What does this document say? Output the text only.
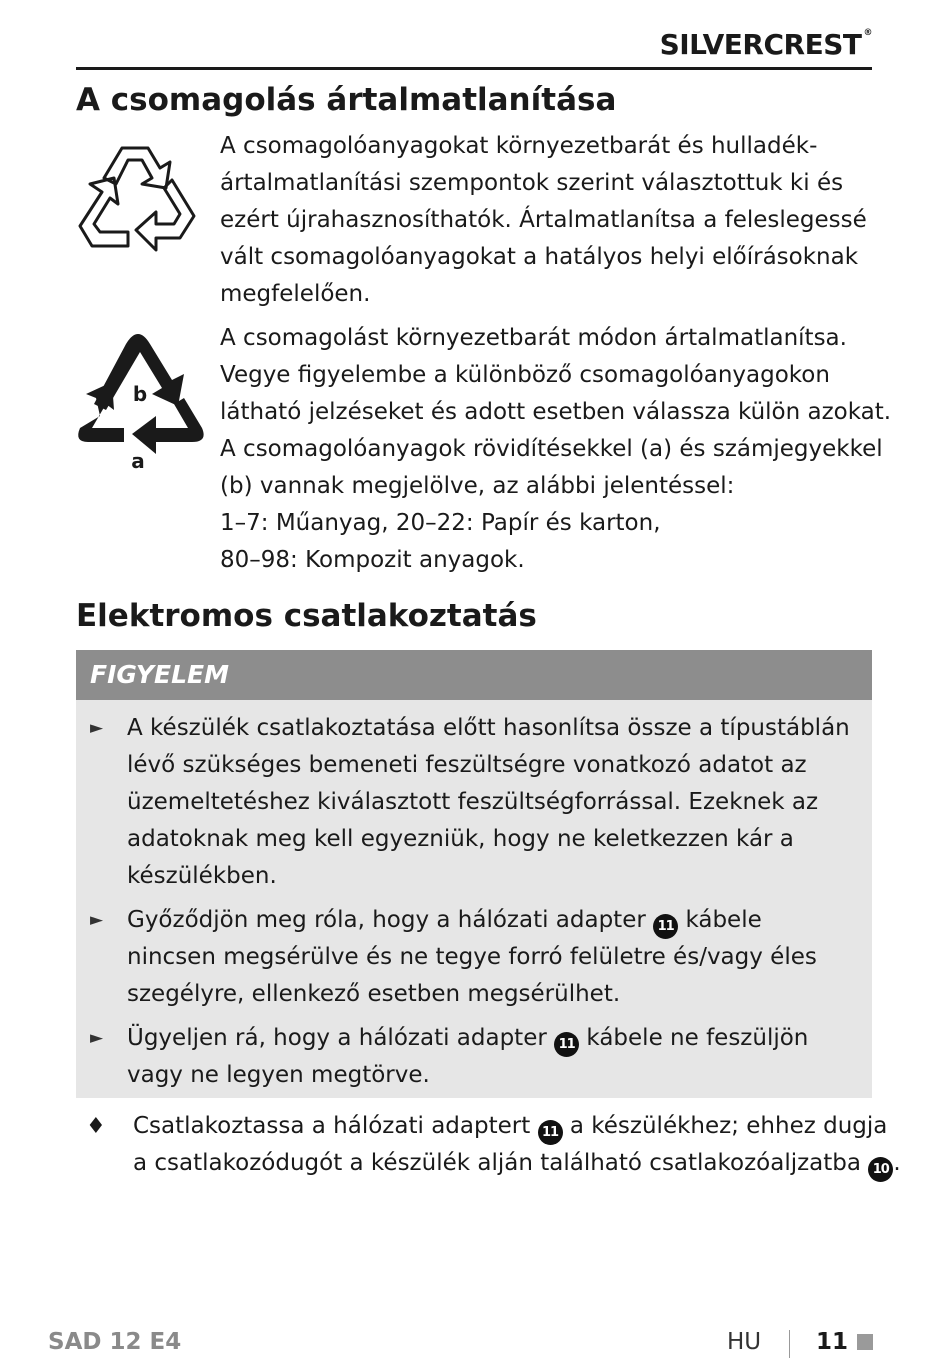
SILVERCREST ®
A csomagolás ártalmatlanítása
A csomagolóanyagokat környezetbarát és hulladék-
ártalmatlanítási szempontok szerint választottuk ki és
ezért újrahasznosíthatók. Ártalmatlanítsa a feleslegessé
vált csomagolóanyagokat a hatályos helyi előírásoknak
megfelelően.
b
a
A csomagolást környezetbarát módon ártalmatlanítsa.
Vegye figyelembe a különböző csomagolóanyagokon
látható jelzéseket és adott esetben válassza külön azokat.
A csomagolóanyagok rövidítésekkel (a) és számjegyekkel
(b) vannak megjelölve, az alábbi jelentéssel:
1–7: Műanyag, 20–22: Papír és karton,
80–98: Kompozit anyagok.
Elektromos csatlakoztatás
FIGYELEM
► A készülék csatlakoztatása előtt hasonlítsa össze a típustáblán
lévő szükséges bemeneti feszültségre vonatkozó adatot az
üzemeltetéshez kiválasztott feszültségforrással. Ezeknek az
adatoknak meg kell egyezniük, hogy ne keletkezzen kár a
készülékben.
► Győződjön meg róla, hogy a hálózati adapter 11 kábele
nincsen megsérülve és ne tegye forró felületre és/vagy éles
szegélyre, ellenkező esetben megsérülhet.
► Ügyeljen rá, hogy a hálózati adapter 11 kábele ne feszüljön
vagy ne legyen megtörve.
♦ Csatlakoztassa a hálózati adaptert 11 a készülékhez; ehhez dugja
a csatlakozódugót a készülék alján található csatlakozóaljzatba 10 .
SAD 12 E4	HU 11
